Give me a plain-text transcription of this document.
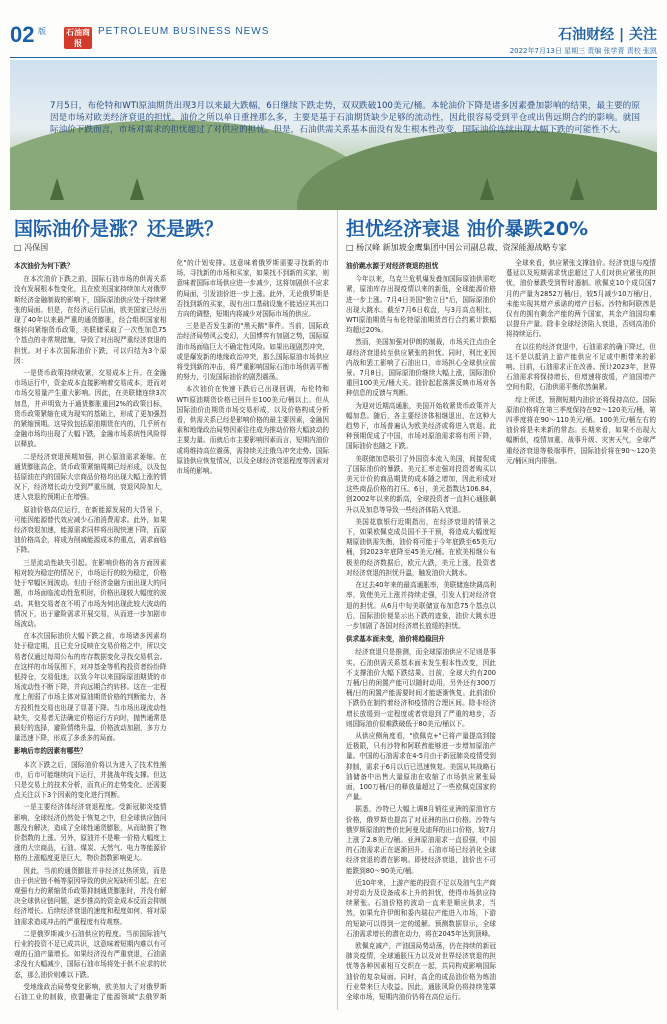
02 版	石油商报
PETROLEUM BUSINESS NEWS	石油财经 | 关注
2022年7月13日 星期三 责编 张学青 责校 张凯
7月5日，布伦特和WTI原油期货出现3月以来最大跌幅，6日继续下跌走势，双双跌破100美元/桶。本轮油价下降是诸多因素叠加影响的结果，最主要的原因是市场对欧美经济衰退的担忧。油价之所以单日重挫那么多，主要是基于石油期货缺少足够的流动性，因此很容易受到平仓或出售远期合约的影响。就国际油价下跌而言，市场对需求的担忧超过了对供应的担忧。但是，石油供需关系基本面没有发生根本性改变，国际油价连续出现大幅下跌的可能性不大。
国际油价是涨？还是跌？
□ 冯保国
担忧经济衰退 油价暴跌20%
□ 杨汉峰 新加坡金鹰集团中国公司副总裁、资深能源战略专家

本次油价为何下跌？

在本次油价下跌之前，国际石油市场的供需关系没有发展根本性变化，且在欧美国家持续加大对俄罗斯经济金融制裁的影响下，国际原油供应处于持续紧张的局面。但是，在经济运行层面，欧美国家已经出现了40年以来最严重的通货膨胀，经合组织国家相继转向紧缩货币政策，美联储采取了一次性加息75个基点的非常规措施，导致了对出现严重经济衰退的担忧。对于本次国际油价下跌，可以归结为3个原因：

一是货币政策持续收紧，交易成本上升。在金融市场运行中，资金成本直接影响着交易成本，进而对市场交易量产生重大影响。因此，在美联储连续3次加息，并声明致力于通货膨胀重回2%的政策目标，货币政策紧缩在成为现实的基础上，形成了更加强烈的紧缩预期。这导致包括原油期货在内的，几乎所有金融市场均出现了大幅下跌，金融市场系统性风险得以释放。

二是经济衰退预期加强，担心原油需求萎缩。在通货膨胀高企、货币政策紧缩周期已经形成，以及包括原油在内的国际大宗商品价格均出现大幅上涨的情况下，经济增长动力受到严重压制，衰退风险加大，进入衰退的预期正在增强。

原油价格高位运行，在新能源发展的大背景下，可能因能源替代效应减少石油消费需求。此外，如果经济衰退加速，能源需求同样将出现快速下降，而原油价格高企，将成为削减能源成本的重点，需求面临下降。

三是流动性缺失引起。在影响价格的各方面因素相对较为稳定的情况下，市场运行的较为稳定，价格处于窄幅区间波动。但由于经济金融方面出现大的问题，市场面临流动性危机时，价格出现较大幅度的波动。其他交易者在不明了市场为何出现此较大波动的情况下，出于避险需求开展交易，从而进一步加剧市场波动。

在本次国际油价大幅下跌之前，市场诸多因素均处于稳定期，且已充分反映在交易价格之中，所以交易者仅通过每周公布的库存数据变化寻找交易机会。在这样的市场氛围下，对冲基金等机构投资者纷纷降低持仓，交易低迷，以致今年以来国际原油期货的市场流动性不断下降，并向远期合约转移。这在一定程度上削弱了市场主体对原油期货价格的判断能力，各方投机性交易也出现了显著下降。当市场出现流动性缺失，交易者无法确定价格运行方向时，抛售通常是最好的选择，避险情绪升温，价格波动加剧，多方力量迅速下降，形成了多杀多的局面。

影响后市的因素有哪些？

本次下跌之后，国际油价将以为进入了技术性熊市，后市可能继续向下运行，并挑战年线支撑。但这只是交易上的技术分析，而真正的走势变化，还需要点关注以下3个因素的变化进行判断。

一是主要经济体经济衰退程度。受新冠肺炎疫情影响，全球经济仍然处于恢复之中，但全球供应链问题没有解决，造成了全球性通货膨胀，从而助推了物价指数的上涨。另外，原油并不是唯一价格大幅度上涨的大宗商品，石油、煤炭、天然气、电力等能源价格的上涨幅度更是巨大，物价指数影响更大。

因此，当前的通货膨胀并非经济过热所致，而是由于供应链不畅等原因导致的供应短缺所引起。在宏观强有力的紧缩货币政策抑制通货膨胀时，并没有解决全球供应链问题，逐步推高的资金成本反而会抑制经济增长。后续经济衰退的速度和程度如何，将对原油需求造成冲击的严重程度有待观察。

二是俄罗斯减少石油供应的程度。当前国际油气行业的投资不足已成共识，这意味着短期内难以有可观的石油产量增长。如果经济没有严重衰退，石油需求没有大幅减少，国际石油市场将处于供不应求的状态，那么油价则难以下跌。

受地缘政治局势变化影响，欧美加大了对俄罗斯石油工业的制裁，欧盟确定了能源领域"去俄罗斯化"的计划安排。这意味着俄罗斯需要寻找新的市场，寻找新的市场和买家，如果找不到新的买家，则意味着国际市场供应进一步减少，这将加剧供不应求的局面，引发油价进一步上涨。此外，无论俄罗斯是否找到新的买家，现有出口基础设施不能适应其出口方向的调整，短期内将减少对国际市场的供应。

三是是否发生新的"黑天鹅"事件。当前，国际政治经济局势风云变幻，大国博弈有加剧之势，国际原油市场面临巨大不确定性风险。如果出现剧烈冲突，或是爆发新的地缘政治冲突，那么国际原油市场供应将受到新的冲击，将严重影响国际石油市场供需平衡的努力，引发国际油价的剧烈震荡。

本次油价在快速下跌后已出现回调，布伦特和WTI原油期货价格已回升至100美元/桶以上。但从国际油价由期货市场交易形成，以及价格构成分析看，供需关系已经是影响价格的最主要因素，金融因素和地缘政治局势因素往往成为推动价格大幅波动的主要力量。而就后市主要影响因素而言，短期内油价或将维持高位震荡，需持续关注俄乌冲突走势、国际原油供应恢复情况，以及全球经济衰退程度等因素对市场的影响。

油价跳水源于对经济衰退的担忧

今年以来，乌克兰危机爆发叠加国际原油供需吃紧，原油库存出现疫情以来的新低，全球能源价格进一步上涨。7月4日美国"独立日"后，国际原油价出现大跳水。截至7月6日收盘，与3月高点相比，WTI原油期货与布伦特原油期货首行合约累计跌幅均超过20%。

然而，美国加强对伊朗的制裁，市场关注点由全球经济衰退转至供应紧张的担忧。同时，利比亚因内战和罢工影响了石油出口，市场担心全球供应前景。7月8日，国际原油价继续大幅上涨，国际油价重回100美元/桶大关。油价起起落落反映市场对各种信息的反馈与判断。

为迎对近期高通胀，美国开始收紧货币政策并大幅加息。随后，各主要经济体相继退出，在这种大趋势下，市场普遍认为欧美经济或将进入衰退。此种预期促成了中国，市场对原油需求将有所下降，国际油价也随之下跌。

美联储加息吸引了外国资本流入美国，间接促成了国际油价的暴跌。美元汇率走强对投资者购买以美元计价的商品期货的成本随之增加，因此形成对这些商品价格的打压。6日，美元指数达106.84，创2002年以来的新高，全球投资者一直担心通胀飙升以及加息等导致一些经济体陷入衰退。

美国花旗银行近期指出，在经济衰退的情景之下，如果欧佩克成员国不予干预，将造成大幅度短期原油供需失衡，油价将可能于今年底跌至65美元/桶，到2023年底降至45美元/桶。在欧美相继公布极差的经济数据后，欧元大跌，美元上涨，投资者对经济衰退的担忧升温，触发油价大跳水。

在过去40年来的最高通胀率，美联储连续调高利率，致使美元上涨并持续走强，引发人们对经济衰退的担忧。从6月中旬美联储宣布加息75个基点以后，国际油价便显示出下跌的迹象，油价大跳水进一步加剧了各国对经济增长放缓的担忧。

供求基本面未变，油价将趋稳回升

经济衰退只是推测，而全球原油供应不足则是事实。石油供需关系基本面未发生根本性改变，因此不支撑油价大幅下跌结果。目前，全球大约有200万桶/日的闲置产能可以随时动用，另外还有300万桶/日的闲置产能需要时间才能逐渐恢复。此前油价下跌仍在制约着经济和疫情的合理区间。除非经济增长放缓到一定程度或者衰退到了严重的地步，否则国际油价很难跌破低于80美元/桶以下。

从供应侧角度看，"欧佩克+"已将产量提高到接近极限，只有沙特和阿联酋能够进一步增加原油产量。中国的石油需求在4-5月由于新冠肺炎疫情受到抑制，需求于6月以后已迅速恢复。美国从其战略石油储备中出售大量原油在收缩了市场供应紧张局面，100万桶/日的释放量超过了一些欧佩克国家的产量。

据悉，沙特已大幅上调8月销往亚洲的原油官方价格，俄罗斯也提高了对亚洲的出口价格。沙特与俄罗斯原油的售价比阿曼及迪拜的出口价格，较7月上涨了2.8美元/桶。亚洲原油需求一直很强，中国的石油需求正在逐渐回升。石油市场已经消化全球经济衰退的潜在影响。即使经济衰退，油价也不可能跌到80～90美元/桶。

近10年来，上游产能的投资不足以及油气生产商对劳动力及设备成本上升的担忧，使得市场供应持续紧张。石油价格的波动一直来是顺应供求，当然，如果允许伊朗和委内瑞拉产能进入市场，下游的短缺可以得到一定的缓解。预测数据显示，全球石油需求增长的潜在动力，将在2045年达到顶峰。

欧佩克减产，产油国局势动荡，仍在持续的新冠肺炎疫情，全球通胀压力以及对世界经济衰退的担忧等各种因素相互交织在一起，共同构成影响国际油价的复杂局面。同时，高企的成品油价格为炼油行业带来巨大收益。因此，通胀风险仍将持续笼罩全球市场，短期内油价仍将在高位运行。

全球来看，供应紧张支撑油价。经济衰退与疫情蔓延以及短期需求忧虑超过了人们对供应紧张的担忧，油价暴跌受到暂时遏制。欧佩克10个成员国7月的产量为2852万桶/日，较5月减少10万桶/日，未能实现其增产承诺的增产目标。沙特和阿联酋是仅有的拥有剩余产能的两个国家，其余产油国均难以提升产量。除非全球经济陷入衰退，否则高油价将持续运行。

在以往的经济衰退中，石油需求的确下降过，但这不是以抵消上游产能供应不足或中断带来的影响。目前，石油需求正在改善。预计2023年，世界石油需求将保持增长，但增速将放缓，产油国增产空间有限，石油供需平衡依然偏紧。

综上所述，预测短期内油价还将保持高位。国际原油价格将在第三季度保持在92～120美元/桶，第四季度将在90～110美元/桶。100美元/桶左右的油价将是未来新的常态。长期来看，如果不出现大幅断供，疫情加重、战事升级、灾害天气，全球严重经济衰退等极端事件，国际油价将在90～120美元/桶区间内徘徊。
